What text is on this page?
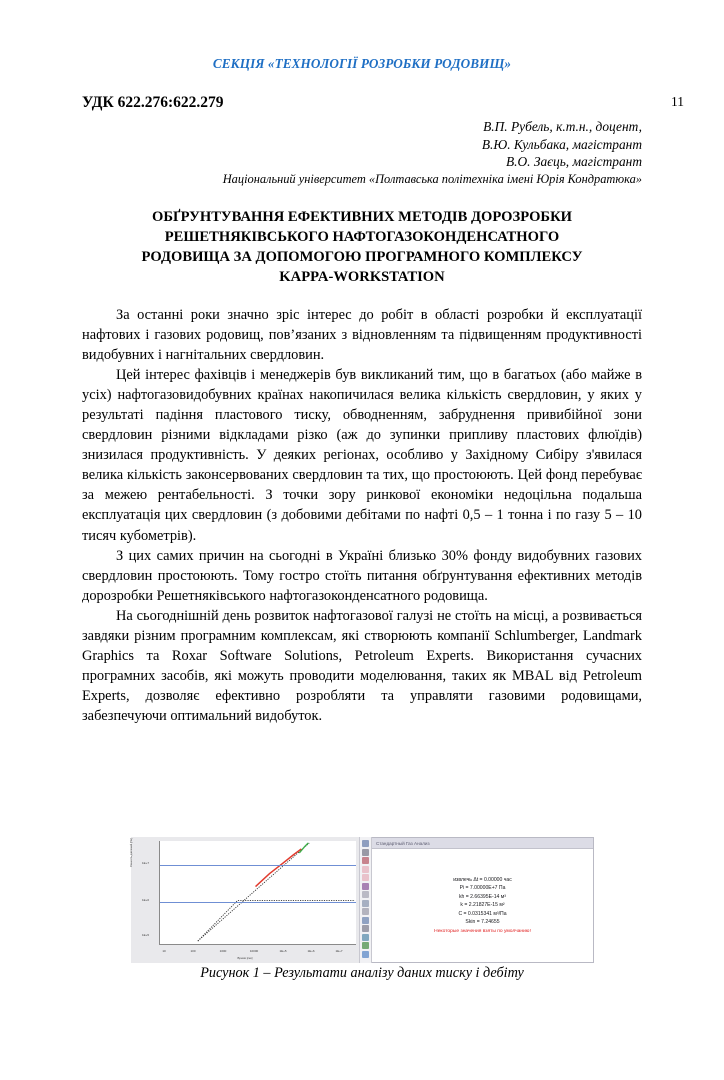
11
СЕКЦІЯ «ТЕХНОЛОГІЇ РОЗРОБКИ РОДОВИЩ»
УДК 622.276:622.279
В.П. Рубель, к.т.н., доцент,
В.Ю. Кульбака, магістрант
В.О. Заєць, магістрант
Національний університет «Полтавська політехніка імені Юрія Кондратюка»
ОБҐРУНТУВАННЯ ЕФЕКТИВНИХ МЕТОДІВ ДОРОЗРОБКИ
РЕШЕТНЯКІВСЬКОГО НАФТОГАЗОКОНДЕНСАТНОГО
РОДОВИЩА ЗА ДОПОМОГОЮ ПРОГРАМНОГО КОМПЛЕКСУ
KAPPA-WORKSTATION

За останні роки значно зріс інтерес до робіт в області розробки й експлуатації нафтових і газових родовищ, пов’язаних з відновленням та підвищенням продуктивності видобувних і нагнітальних свердловин.

Цей інтерес фахівців і менеджерів був викликаний тим, що в багатьох (або майже в усіх) нафтогазовидобувних країнах накопичилася велика кількість свердловин, у яких у результаті падіння пластового тиску, обводненням, забруднення привибійної зони свердловин різними відкладами різко (аж до зупинки припливу пластових флюїдів) знизилася продуктивність. У деяких регіонах, особливо у Західному Сибіру з'явилася велика кількість законсервованих свердловин та тих, що простоюють. Цей фонд перебуває за межею рентабельності. З точки зору ринкової економіки недоцільна подальша експлуатація цих свердловин (з добовими дебітами по нафті 0,5 – 1 тонна і по газу 5 – 10 тисяч кубометрів).

З цих самих причин на сьогодні в Україні близько 30% фонду видобувних газових свердловин простоюють. Тому гостро стоїть питання обґрунтування ефективних методів дорозробки Решетняківського нафтогазоконденсатного родовища.

На сьогоднішній день розвиток нафтогазової галузі не стоїть на місці, а розвивається завдяки різним програмним комплексам, які створюють компанії Schlumberger, Landmark Graphics та Roxar Software Solutions, Petroleum Experts. Використання сучасних програмних засобів, які можуть проводити моделювання, таких як MBAL від Petroleum Experts, дозволяє ефективно розробляти та управляти газовими родовищами, забезпечуючи оптимальний видобуток.

Разность давлений [Па]	1E+7
1E+6
1E+5
10	100	1000	10000	1E+5	1E+6	1E+7
Время [сек]
Стандартный Газ Анализ
извлечь Δt = 0.00000 час
Pi = 7.00000E+7 Па
kh = 2.66395E-14 м³
k = 2.21827E-15 м²
C = 0.0315341 м³/Па
Skin = 7.24655
Некоторые значения взяты по умолчанию!
Рисунок 1 – Результати аналізу даних тиску і дебіту
